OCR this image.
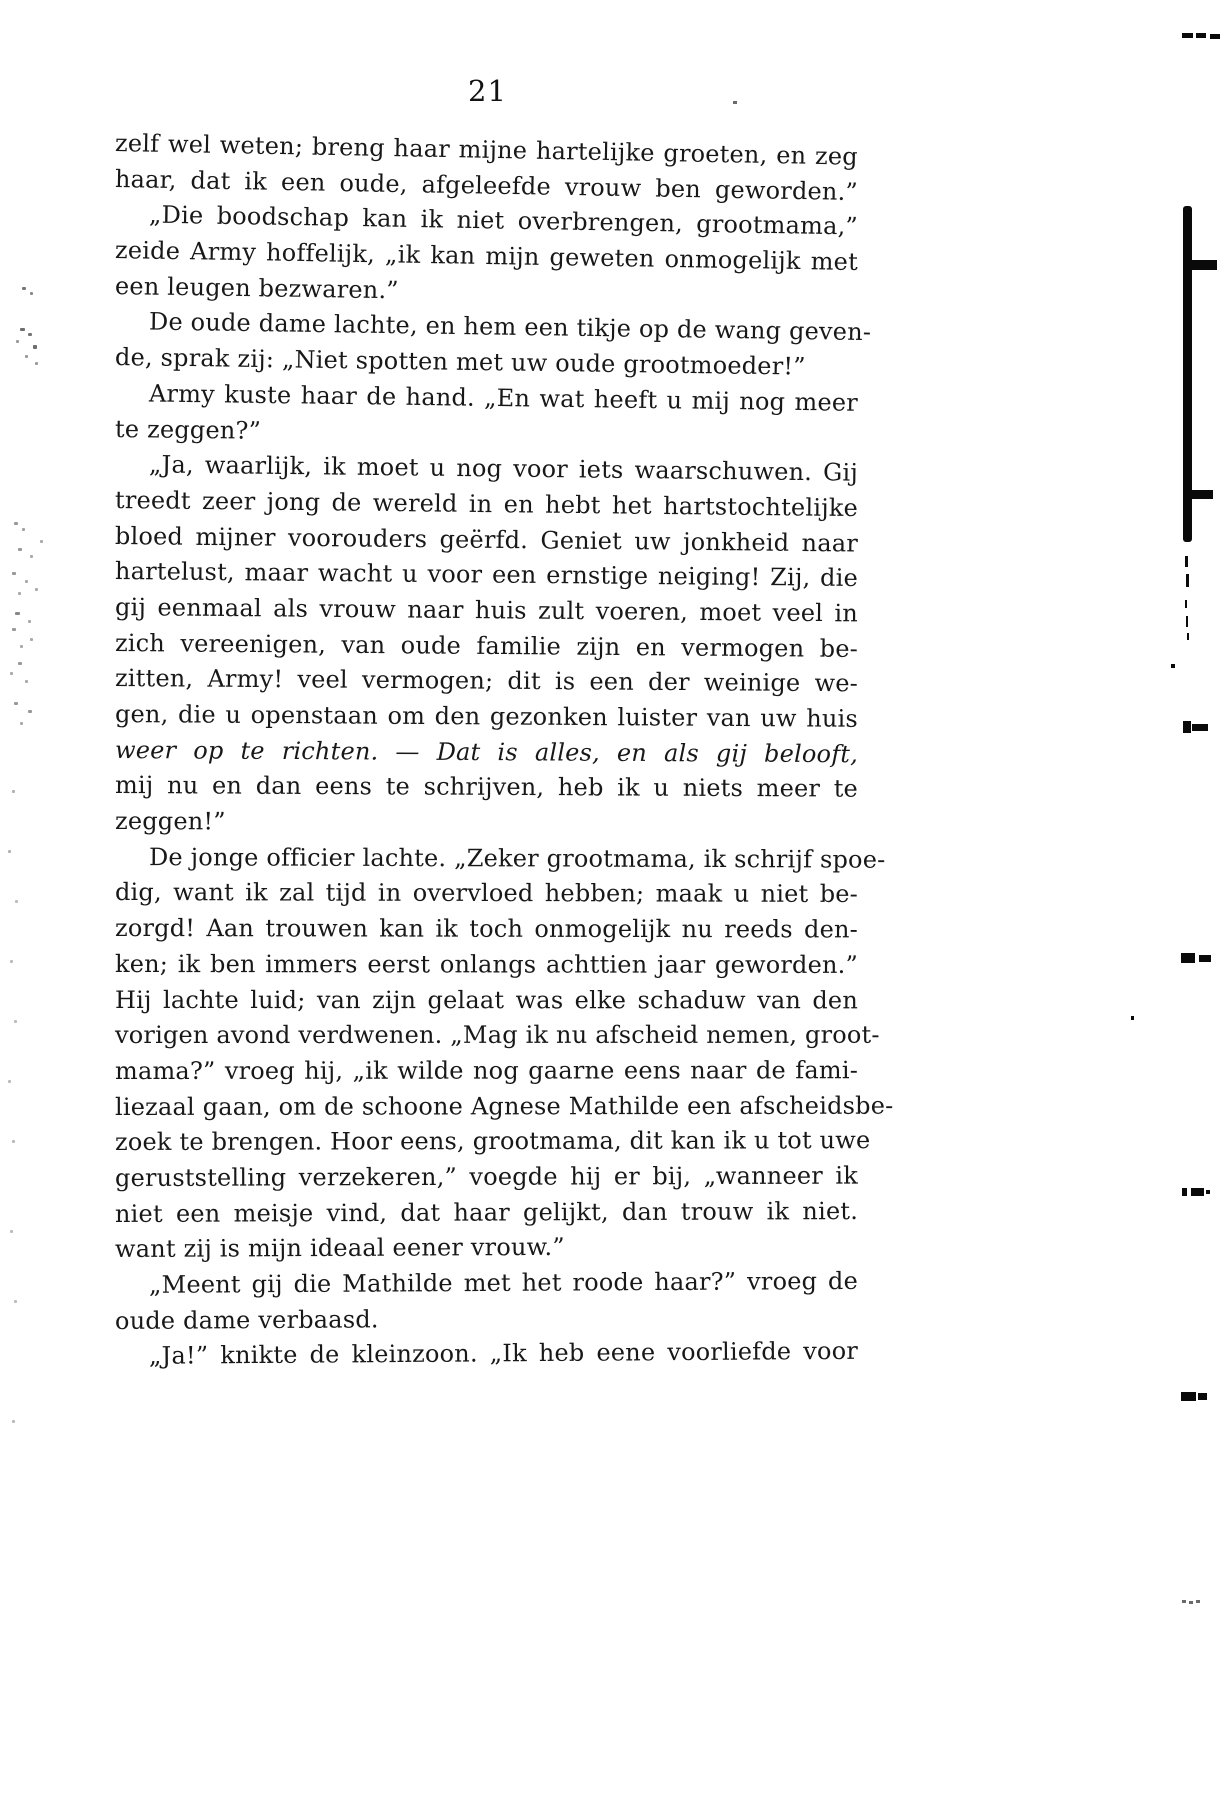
21
zelf wel weten; breng haar mijne hartelijke groeten, en zeg
haar, dat ik een oude, afgeleefde vrouw ben geworden.”
„Die boodschap kan ik niet overbrengen, grootmama,”
zeide Army hoffelijk, „ik kan mijn geweten onmogelijk met
een leugen bezwaren.”
De oude dame lachte, en hem een tikje op de wang geven-
de, sprak zij: „Niet spotten met uw oude grootmoeder!”
Army kuste haar de hand. „En wat heeft u mij nog meer
te zeggen?”
„Ja, waarlijk, ik moet u nog voor iets waarschuwen. Gij
treedt zeer jong de wereld in en hebt het hartstochtelijke
bloed mijner voorouders geërfd. Geniet uw jonkheid naar
hartelust, maar wacht u voor een ernstige neiging! Zij, die
gij eenmaal als vrouw naar huis zult voeren, moet veel in
zich vereenigen, van oude familie zijn en vermogen be-
zitten, Army! veel vermogen; dit is een der weinige we-
gen, die u openstaan om den gezonken luister van uw huis
weer op te richten. — Dat is alles, en als gij belooft,
mij nu en dan eens te schrijven, heb ik u niets meer te
zeggen!”
De jonge officier lachte. „Zeker grootmama, ik schrijf spoe-
dig, want ik zal tijd in overvloed hebben; maak u niet be-
zorgd! Aan trouwen kan ik toch onmogelijk nu reeds den-
ken; ik ben immers eerst onlangs achttien jaar geworden.”
Hij lachte luid; van zijn gelaat was elke schaduw van den
vorigen avond verdwenen. „Mag ik nu afscheid nemen, groot-
mama?” vroeg hij, „ik wilde nog gaarne eens naar de fami-
liezaal gaan, om de schoone Agnese Mathilde een afscheidsbe-
zoek te brengen. Hoor eens, grootmama, dit kan ik u tot uwe
geruststelling verzekeren,” voegde hij er bij, „wanneer ik
niet een meisje vind, dat haar gelijkt, dan trouw ik niet.
want zij is mijn ideaal eener vrouw.”
„Meent gij die Mathilde met het roode haar?” vroeg de
oude dame verbaasd.
„Ja!” knikte de kleinzoon. „Ik heb eene voorliefde voor
